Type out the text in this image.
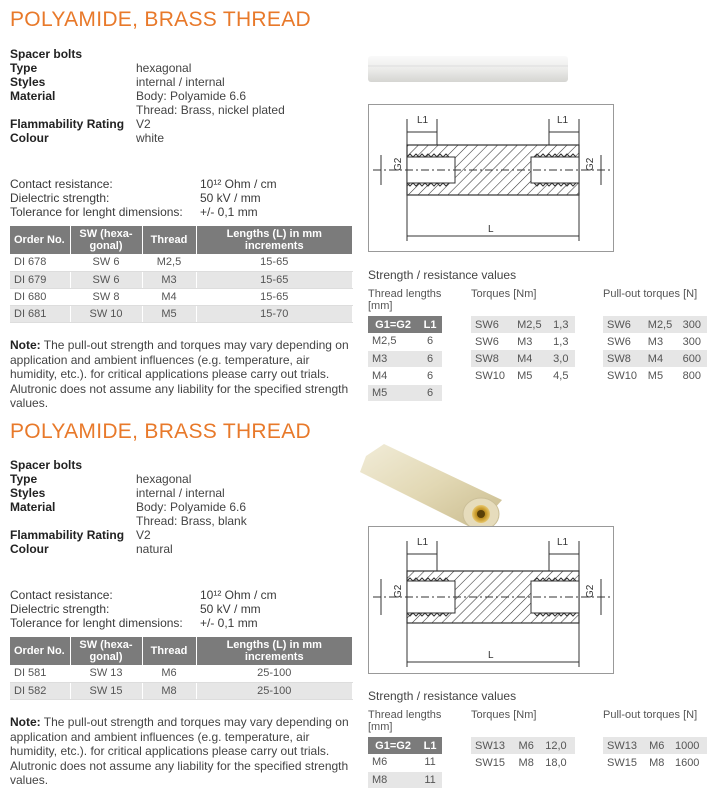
POLYAMIDE, BRASS THREAD
Spacer bolts
Type	hexagonal
Styles	internal / internal
Material	Body: Polyamide 6.6
Thread: Brass, nickel plated
Flammability Rating V2
Colour	white
Contact resistance:	10¹² Ohm / cm
Dielectric strength:	50 kV / mm
Tolerance for lenght dimensions:	+/- 0,1 mm
Order No.	SW (hexa-gonal)	Thread	Lengths (L) in mm increments
DI 678	SW 6	M2,5	15-65
DI 679	SW 6	M3	15-65
DI 680	SW 8	M4	15-65
DI 681	SW 10	M5	15-70
Note: The pull-out strength and torques may vary depending on application and ambient influences (e.g. temperature, air humidity, etc.). for critical applications please carry out trials. Alutronic does not assume any liability for the specified strength values.
L1	L1
G2	G2
L
Strength / resistance values
Thread lengths [mm]
Torques [Nm]	Pull-out torques [N]
G1=G2	L1
M2,5	6
M3	6
M4	6
M5	6
SW6	M2,5	1,3
SW6	M3	1,3
SW8	M4	3,0
SW10	M5	4,5
SW6	M2,5	300
SW6	M3	300
SW8	M4	600
SW10	M5	800
POLYAMIDE, BRASS THREAD
Spacer bolts
Type	hexagonal
Styles	internal / internal
Material	Body: Polyamide 6.6
Thread: Brass, blank
Flammability Rating V2
Colour	natural
Contact resistance:	10¹² Ohm / cm
Dielectric strength:	50 kV / mm
Tolerance for lenght dimensions:	+/- 0,1 mm
Order No.	SW (hexa-gonal)	Thread	Lengths (L) in mm increments
DI 581	SW 13	M6	25-100
DI 582	SW 15	M8	25-100
Note: The pull-out strength and torques may vary depending on application and ambient influences (e.g. temperature, air humidity, etc.). for critical applications please carry out trials. Alutronic does not assume any liability for the specified strength values.
L1	L1
G2	G2
L
Strength / resistance values
Thread lengths [mm]
Torques [Nm]	Pull-out torques [N]
G1=G2	L1
M6	11
M8	11
SW13	M6	12,0
SW15	M8	18,0
SW13	M6	1000
SW15	M8	1600
